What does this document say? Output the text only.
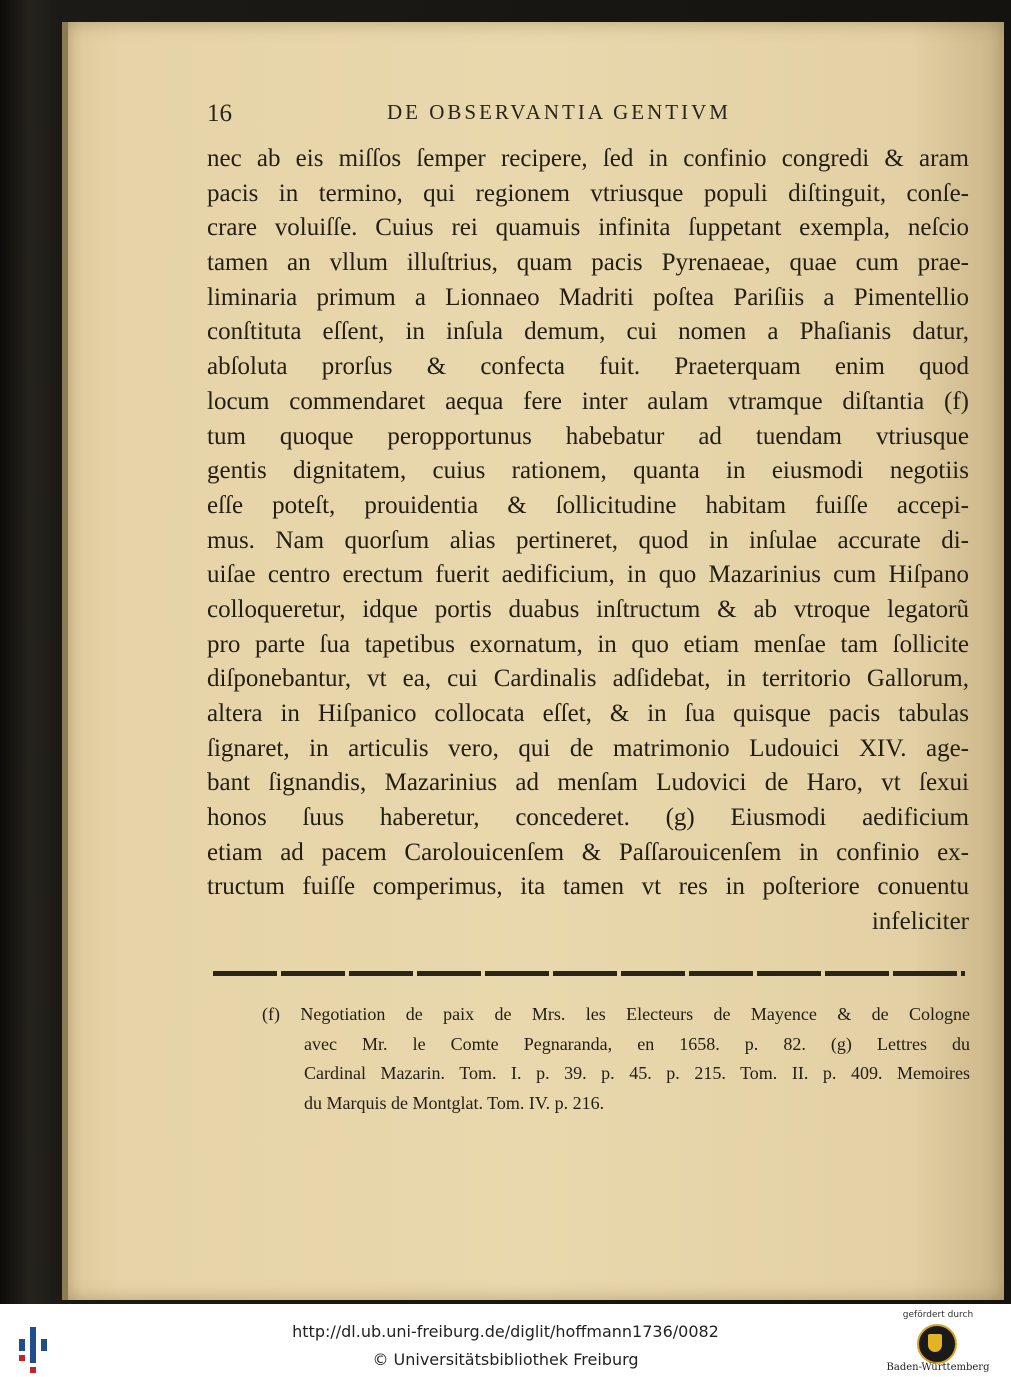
16	DE OBSERVANTIA GENTIVM
nec ab eis miſſos ſemper recipere, ſed in confinio congredi & aram
pacis in termino, qui regionem vtriusque populi diſtinguit, conſe-
crare voluiſſe. Cuius rei quamuis infinita ſuppetant exempla, neſcio
tamen an vllum illuſtrius, quam pacis Pyrenaeae, quae cum prae-
liminaria primum a Lionnaeo Madriti poſtea Pariſiis a Pimentellio
conſtituta eſſent, in inſula demum, cui nomen a Phaſianis datur,
abſoluta prorſus & confecta fuit. Praeterquam enim quod
locum commendaret aequa fere inter aulam vtramque diſtantia (f)
tum quoque peropportunus habebatur ad tuendam vtriusque
gentis dignitatem, cuius rationem, quanta in eiusmodi negotiis
eſſe poteſt, prouidentia & ſollicitudine habitam fuiſſe accepi-
mus. Nam quorſum alias pertineret, quod in inſulae accurate di-
uiſae centro erectum fuerit aedificium, in quo Mazarinius cum Hiſpano
colloqueretur, idque portis duabus inſtructum & ab vtroque legatorũ
pro parte ſua tapetibus exornatum, in quo etiam menſae tam ſollicite
diſponebantur, vt ea, cui Cardinalis adſidebat, in territorio Gallorum,
altera in Hiſpanico collocata eſſet, & in ſua quisque pacis tabulas
ſignaret, in articulis vero, qui de matrimonio Ludouici XIV. age-
bant ſignandis, Mazarinius ad menſam Ludovici de Haro, vt ſexui
honos ſuus haberetur, concederet. (g) Eiusmodi aedificium
etiam ad pacem Carolouicenſem & Paſſarouicenſem in confinio ex-
tructum fuiſſe comperimus, ita tamen vt res in poſteriore conuentu
infeliciter
(f) Negotiation de paix de Mrs. les Electeurs de Mayence & de Cologne
avec Mr. le Comte Pegnaranda, en 1658. p. 82. (g) Lettres du
Cardinal Mazarin. Tom. I. p. 39. p. 45. p. 215. Tom. II. p. 409. Memoires
du Marquis de Montglat. Tom. IV. p. 216.
http://dl.ub.uni-freiburg.de/diglit/hoffmann1736/0082
© Universitätsbibliothek Freiburg
gefördert durch
Baden-Württemberg
